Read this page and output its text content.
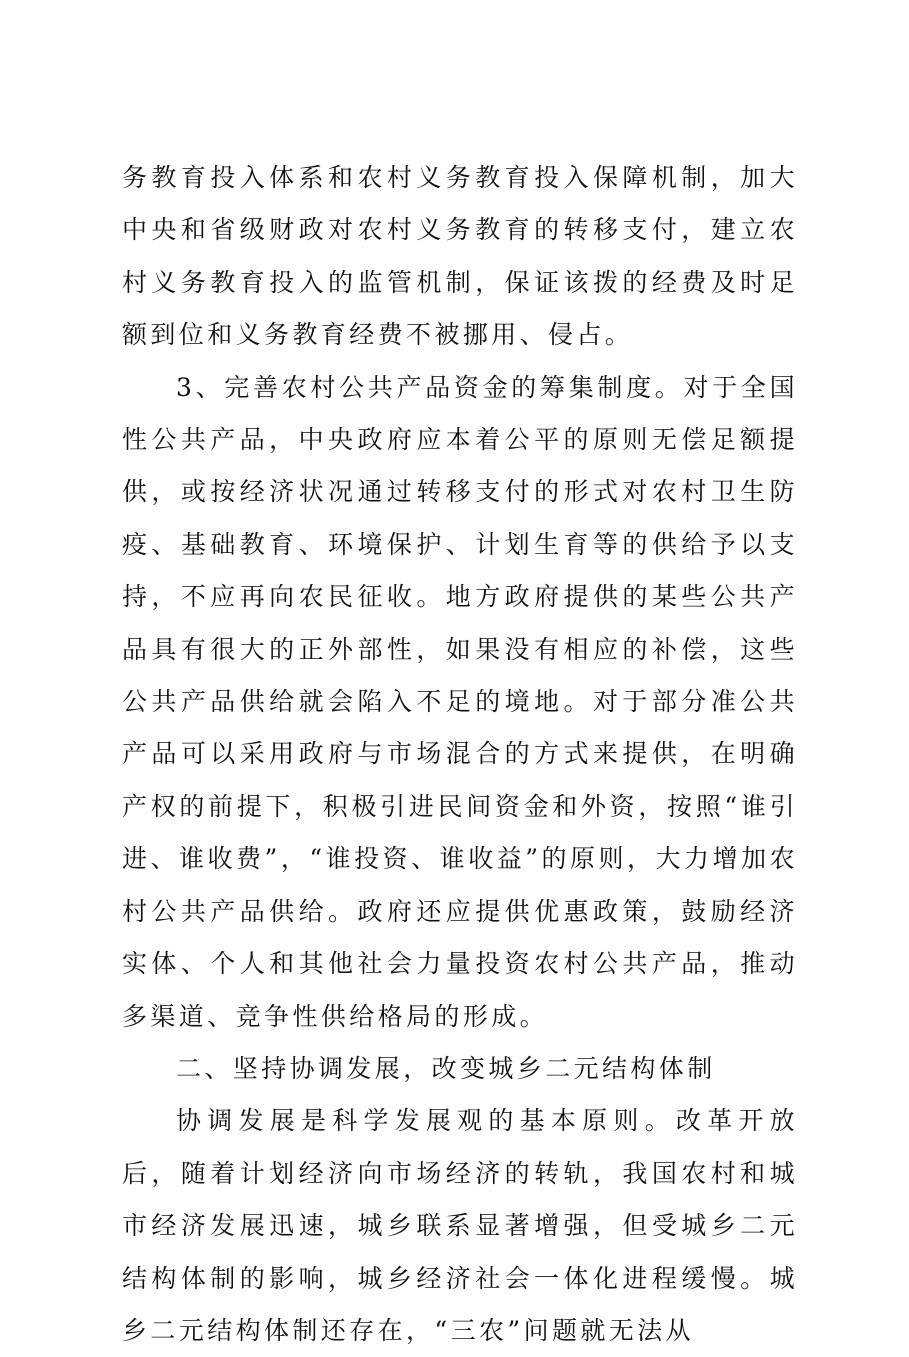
务教育投入体系和农村义务教育投入保障机制，加大中央和省级财政对农村义务教育的转移支付，建立农村义务教育投入的监管机制，保证该拨的经费及时足额到位和义务教育经费不被挪用、侵占。

3、完善农村公共产品资金的筹集制度。对于全国性公共产品，中央政府应本着公平的原则无偿足额提供，或按经济状况通过转移支付的形式对农村卫生防疫、基础教育、环境保护、计划生育等的供给予以支持，不应再向农民征收。地方政府提供的某些公共产品具有很大的正外部性，如果没有相应的补偿，这些公共产品供给就会陷入不足的境地。对于部分准公共产品可以采用政府与市场混合的方式来提供，在明确产权的前提下，积极引进民间资金和外资，按照“谁引进、谁收费”，“谁投资、谁收益”的原则，大力增加农村公共产品供给。政府还应提供优惠政策，鼓励经济实体、个人和其他社会力量投资农村公共产品，推动多渠道、竞争性供给格局的形成。

二、坚持协调发展，改变城乡二元结构体制

协调发展是科学发展观的基本原则。改革开放后，随着计划经济向市场经济的转轨，我国农村和城市经济发展迅速，城乡联系显著增强，但受城乡二元结构体制的影响，城乡经济社会一体化进程缓慢。城乡二元结构体制还存在，“三农”问题就无法从
